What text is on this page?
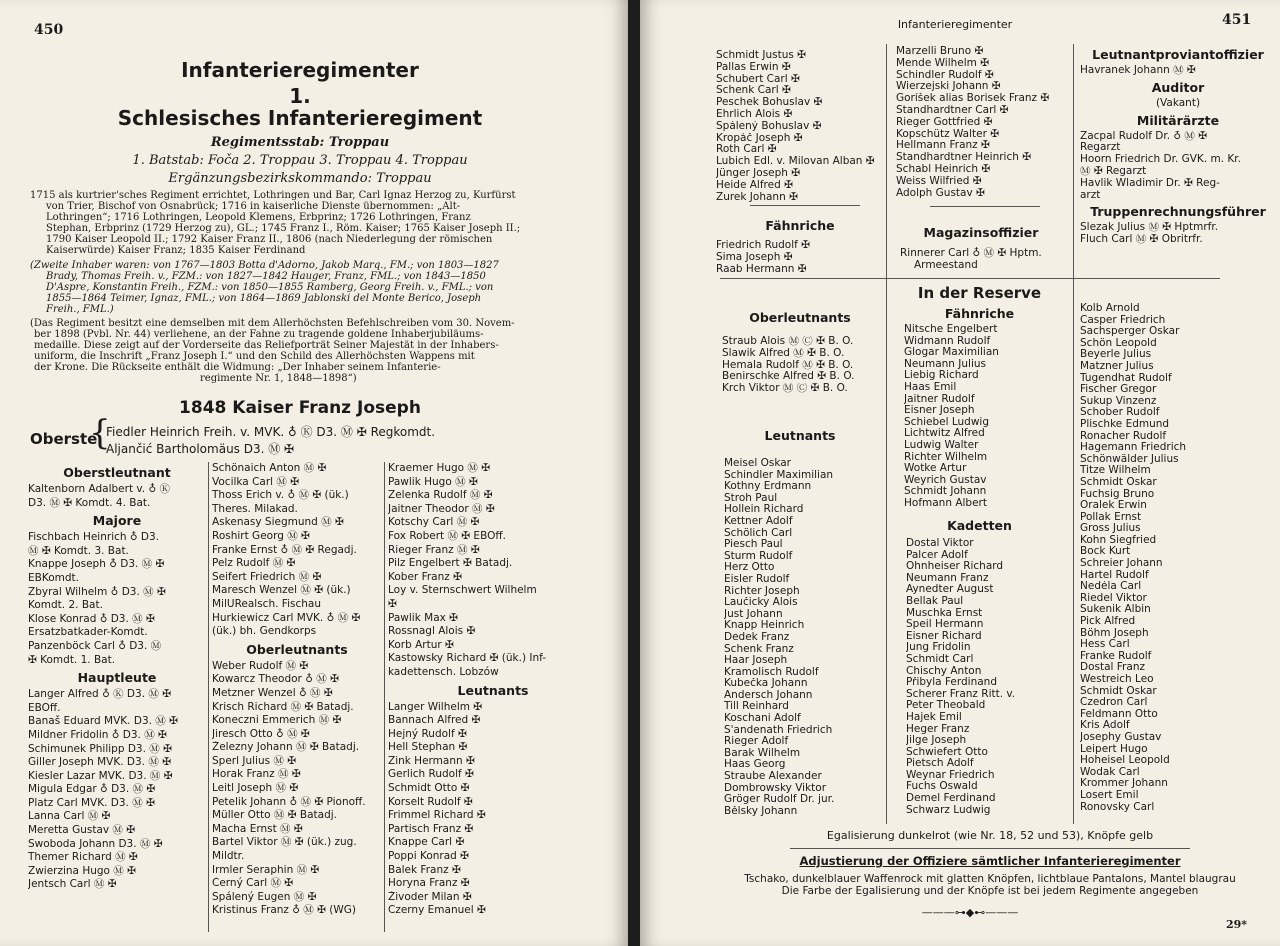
450
Infanterieregimenter
1.
Schlesisches Infanterieregiment
Regimentsstab: Troppau
1. Batstab: Foča 2. Troppau 3. Troppau 4. Troppau
Ergänzungsbezirkskommando: Troppau
1715 als kurtrier'sches Regiment errichtet, Lothringen und Bar, Carl Ignaz Herzog zu, Kurfürst
von Trier, Bischof von Osnabrück; 1716 in kaiserliche Dienste übernommen: „Alt-
Lothringen“; 1716 Lothringen, Leopold Klemens, Erbprinz; 1726 Lothringen, Franz
Stephan, Erbprinz (1729 Herzog zu), GL.; 1745 Franz I., Röm. Kaiser; 1765 Kaiser Joseph II.;
1790 Kaiser Leopold II.; 1792 Kaiser Franz II., 1806 (nach Niederlegung der römischen
Kaiserwürde) Kaiser Franz; 1835 Kaiser Ferdinand
(Zweite Inhaber waren: von 1767—1803 Botta d'Adorno, Jakob Marq., FM.; von 1803—1827
Brady, Thomas Freih. v., FZM.: von 1827—1842 Hauger, Franz, FML.; von 1843—1850
D'Aspre, Konstantin Freih., FZM.: von 1850—1855 Ramberg, Georg Freih. v., FML.; von
1855—1864 Teimer, Ignaz, FML.; von 1864—1869 Jablonski del Monte Berico, Joseph
Freih., FML.)
(Das Regiment besitzt eine demselben mit dem Allerhöchsten Befehlschreiben vom 30. Novem-
ber 1898 (Pvbl. Nr. 44) verliehene, an der Fahne zu tragende goldene Inhaberjubiläums-
medaille. Diese zeigt auf der Vorderseite das Reliefporträt Seiner Majestät in der Inhabers-
uniform, die Inschrift „Franz Joseph I.“ und den Schild des Allerhöchsten Wappens mit
der Krone. Die Rückseite enthält die Widmung: „Der Inhaber seinem Infanterie-
regimente Nr. 1, 1848—1898“)
1848 Kaiser Franz Joseph
Oberste
{
Fiedler Heinrich Freih. v. MVK. ♁ Ⓚ D3. Ⓜ ✠ Regkomdt.
Aljančić Bartholomäus D3. Ⓜ ✠
Oberstleutnant
Kaltenborn Adalbert v. ♁ Ⓚ
D3. Ⓜ ✠ Komdt. 4. Bat.
Majore
Fischbach Heinrich ♁ D3.
Ⓜ ✠ Komdt. 3. Bat.
Knappe Joseph ♁ D3. Ⓜ ✠
EBKomdt.
Zbyral Wilhelm ♁ D3. Ⓜ ✠
Komdt. 2. Bat.
Klose Konrad ♁ D3. Ⓜ ✠
Ersatzbatkader-Komdt.
Panzenböck Carl ♁ D3. Ⓜ
✠ Komdt. 1. Bat.
Hauptleute
Langer Alfred ♁ Ⓚ D3. Ⓜ ✠
EBOff.
Banaš Eduard MVK. D3. Ⓜ ✠
Mildner Fridolin ♁ D3. Ⓜ ✠
Schimunek Philipp D3. Ⓜ ✠
Giller Joseph MVK. D3. Ⓜ ✠
Kiesler Lazar MVK. D3. Ⓜ ✠
Migula Edgar ♁ D3. Ⓜ ✠
Platz Carl MVK. D3. Ⓜ ✠
Lanna Carl Ⓜ ✠
Meretta Gustav Ⓜ ✠
Swoboda Johann D3. Ⓜ ✠
Themer Richard Ⓜ ✠
Zwierzina Hugo Ⓜ ✠
Jentsch Carl Ⓜ ✠
Schönaich Anton Ⓜ ✠
Vocilka Carl Ⓜ ✠
Thoss Erich v. ♁ Ⓜ ✠ (ük.)
Theres. Milakad.
Askenasy Siegmund Ⓜ ✠
Roshirt Georg Ⓜ ✠
Franke Ernst ♁ Ⓜ ✠ Regadj.
Pelz Rudolf Ⓜ ✠
Seifert Friedrich Ⓜ ✠
Maresch Wenzel Ⓜ ✠ (ük.)
MilURealsch. Fischau
Hurkiewicz Carl MVK. ♁ Ⓜ ✠
(ük.) bh. Gendkorps
Oberleutnants
Weber Rudolf Ⓜ ✠
Kowarcz Theodor ♁ Ⓜ ✠
Metzner Wenzel ♁ Ⓜ ✠
Krisch Richard Ⓜ ✠ Batadj.
Koneczni Emmerich Ⓜ ✠
Jiresch Otto ♁ Ⓜ ✠
Železny Johann Ⓜ ✠ Batadj.
Sperl Julius Ⓜ ✠
Horak Franz Ⓜ ✠
Leitl Joseph Ⓜ ✠
Petelik Johann ♁ Ⓜ ✠ Pionoff.
Müller Otto Ⓜ ✠ Batadj.
Macha Ernst Ⓜ ✠
Bartel Viktor Ⓜ ✠ (ük.) zug.
Mildtr.
Irmler Seraphin Ⓜ ✠
Černý Carl Ⓜ ✠
Spálený Eugen Ⓜ ✠
Kristinus Franz ♁ Ⓜ ✠ (WG)
Kraemer Hugo Ⓜ ✠
Pawlik Hugo Ⓜ ✠
Zelenka Rudolf Ⓜ ✠
Jaitner Theodor Ⓜ ✠
Kotschy Carl Ⓜ ✠
Fox Robert Ⓜ ✠ EBOff.
Rieger Franz Ⓜ ✠
Pilz Engelbert ✠ Batadj.
Kober Franz ✠
Loy v. Sternschwert Wilhelm
✠
Pawlik Max ✠
Rossnagl Alois ✠
Korb Artur ✠
Kastowsky Richard ✠ (ük.) Inf-
kadettensch. Lobzów
Leutnants
Langer Wilhelm ✠
Bannach Alfred ✠
Hejný Rudolf ✠
Hell Stephan ✠
Zink Hermann ✠
Gerlich Rudolf ✠
Schmidt Otto ✠
Korselt Rudolf ✠
Frimmel Richard ✠
Partisch Franz ✠
Knappe Carl ✠
Poppi Konrad ✠
Balek Franz ✠
Horyna Franz ✠
Živoder Milan ✠
Czerny Emanuel ✠
Infanterieregimenter	451
Schmidt Justus ✠
Pallas Erwin ✠
Schubert Carl ✠
Schenk Carl ✠
Peschek Bohuslav ✠
Ehrlich Alois ✠
Spálený Bohuslav ✠
Kropáč Joseph ✠
Roth Carl ✠
Lubich Edl. v. Milovan Alban ✠
Jünger Joseph ✠
Heide Alfred ✠
Žurek Johann ✠
Fähnriche
Friedrich Rudolf ✠
Šima Joseph ✠
Raab Hermann ✠
Marzelli Bruno ✠
Mende Wilhelm ✠
Schindler Rudolf ✠
Wierzejski Johann ✠
Goríšek alias Borisek Franz ✠
Standhardtner Carl ✠
Rieger Gottfried ✠
Kopschütz Walter ✠
Hellmann Franz ✠
Standhardtner Heinrich ✠
Schabl Heinrich ✠
Weiss Wilfried ✠
Adolph Gustav ✠
Magazinsoffizier
Rinnerer Carl ♁ Ⓜ ✠ Hptm.
Armeestand
Leutnantproviantoffizier
Havranek Johann Ⓜ ✠
Auditor
(Vakant)
Militärärzte
Zacpal Rudolf Dr. ♁ Ⓜ ✠
Regarzt
Hoorn Friedrich Dr. GVK. m. Kr.
Ⓜ ✠ Regarzt
Havlik Wladimir Dr. ✠ Reg-
arzt
Truppenrechnungsführer
Slezak Julius Ⓜ ✠ Hptmrfr.
Fluch Carl Ⓜ ✠ Obritrfr.
In der Reserve
Oberleutnants
Straub Alois Ⓜ Ⓒ ✠ B. O.
Slawik Alfred Ⓜ ✠ B. O.
Hemala Rudolf Ⓜ ✠ B. O.
Benirschke Alfred ✠ B. O.
Krch Viktor Ⓜ Ⓒ ✠ B. O.
Leutnants
Meisel Oskar
Schindler Maximilian
Kothny Erdmann
Stroh Paul
Hollein Richard
Kettner Adolf
Schölich Carl
Piesch Paul
Sturm Rudolf
Herz Otto
Eisler Rudolf
Richter Joseph
Laučicky Alois
Just Johann
Knapp Heinrich
Dedek Franz
Schenk Franz
Haar Joseph
Kramolisch Rudolf
Kubečka Johann
Andersch Johann
Till Reinhard
Koschani Adolf
S'andenath Friedrich
Rieger Adolf
Barak Wilhelm
Haas Georg
Straube Alexander
Dombrowsky Viktor
Gröger Rudolf Dr. jur.
Bělsky Johann
Fähnriche
Nitsche Engelbert
Widmann Rudolf
Glogar Maximilian
Neumann Julius
Liebig Richard
Haas Emil
Jaitner Rudolf
Eisner Joseph
Schiebel Ludwig
Lichtwitz Alfred
Ludwig Walter
Richter Wilhelm
Wotke Artur
Weyrich Gustav
Schmidt Johann
Hofmann Albert
Kadetten
Dostal Viktor
Palcer Adolf
Ohnheiser Richard
Neumann Franz
Aynedter August
Bellak Paul
Muschka Ernst
Speil Hermann
Eisner Richard
Jung Fridolin
Schmidt Carl
Chischy Anton
Přibyla Ferdinand
Scherer Franz Ritt. v.
Peter Theobald
Hajek Emil
Heger Franz
Jilge Joseph
Schwiefert Otto
Pietsch Adolf
Weynar Friedrich
Fuchs Oswald
Demel Ferdinand
Schwarz Ludwig
Kolb Arnold
Casper Friedrich
Sachsperger Oskar
Schön Leopold
Beyerle Julius
Matzner Julius
Tugendhat Rudolf
Fischer Gregor
Sukup Vinzenz
Schober Rudolf
Plischke Edmund
Ronacher Rudolf
Hagemann Friedrich
Schönwälder Julius
Titze Wilhelm
Schmidt Oskar
Fuchsig Bruno
Oralek Erwin
Pollak Ernst
Gross Julius
Kohn Siegfried
Bock Kurt
Schreier Johann
Hartel Rudolf
Nedéla Carl
Riedel Viktor
Sukenik Albin
Pick Alfred
Böhm Joseph
Hess Carl
Franke Rudolf
Dostal Franz
Westreich Leo
Schmidt Oskar
Czedron Carl
Feldmann Otto
Kris Adolf
Josephy Gustav
Leipert Hugo
Hoheisel Leopold
Wodak Carl
Krommer Johann
Losert Emil
Ronovsky Carl
Egalisierung dunkelrot (wie Nr. 18, 52 und 53), Knöpfe gelb
Adjustierung der Offiziere sämtlicher Infanterieregimenter
Tschako, dunkelblauer Waffenrock mit glatten Knöpfen, lichtblaue Pantalons, Mantel blaugrau
Die Farbe der Egalisierung und der Knöpfe ist bei jedem Regimente angegeben
———⊶◆⊷———
29*
